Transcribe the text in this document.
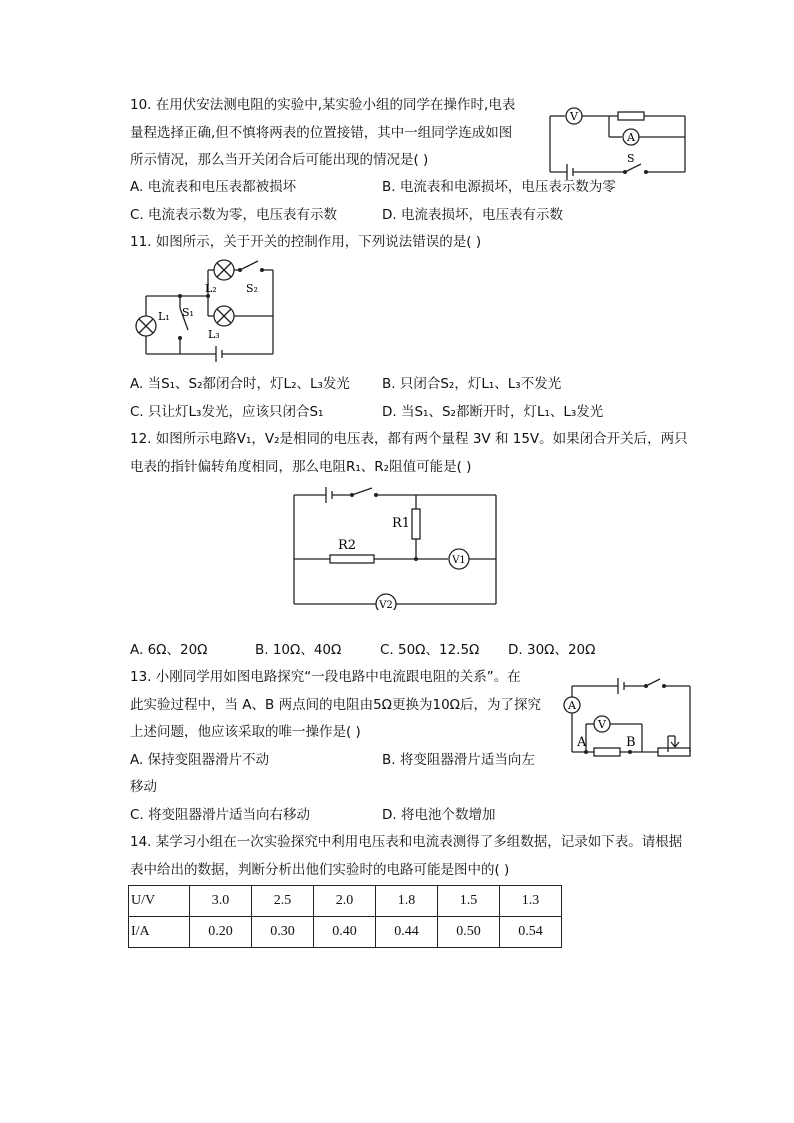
10. 在用伏安法测电阻的实验中,某实验小组的同学在操作时,电表
量程选择正确,但不慎将两表的位置接错，其中一组同学连成如图
所示情况，那么当开关闭合后可能出现的情况是( )
A. 电流表和电压表都被损坏	B. 电流表和电源损坏，电压表示数为零
C. 电流表示数为零，电压表有示数	D. 电流表损坏，电压表有示数
V
A
S
11. 如图所示，关于开关的控制作用，下列说法错误的是( )
L₁
L₂
L₃
S₁
S₂
A. 当S₁、S₂都闭合时，灯L₂、L₃发光 B. 只闭合S₂，灯L₁、L₃不发光
C. 只让灯L₃发光，应该只闭合S₁	D. 当S₁、S₂都断开时，灯L₁、L₃发光
12. 如图所示电路V₁，V₂是相同的电压表，都有两个量程 3V 和 15V。如果闭合开关后，两只
电表的指针偏转角度相同，那么电阻R₁、R₂阻值可能是( )
R1
R2
V1
V2
A. 6Ω、20Ω	B. 10Ω、40Ω	C. 50Ω、12.5Ω D. 30Ω、20Ω
13. 小刚同学用如图电路探究“一段电路中电流跟电阻的关系”。在
此实验过程中，当 A、B 两点间的电阻由5Ω更换为10Ω后，为了探究
上述问题，他应该采取的唯一操作是( )
A. 保持变阻器滑片不动	B. 将变阻器滑片适当向左
移动
C. 将变阻器滑片适当向右移动	D. 将电池个数增加
A
V
A	B
14. 某学习小组在一次实验探究中利用电压表和电流表测得了多组数据，记录如下表。请根据
表中给出的数据，判断分析出他们实验时的电路可能是图中的( )
U/V	3.0	2.5	2.0	1.8	1.5	1.3
I/A	0.20	0.30	0.40	0.44	0.50	0.54
